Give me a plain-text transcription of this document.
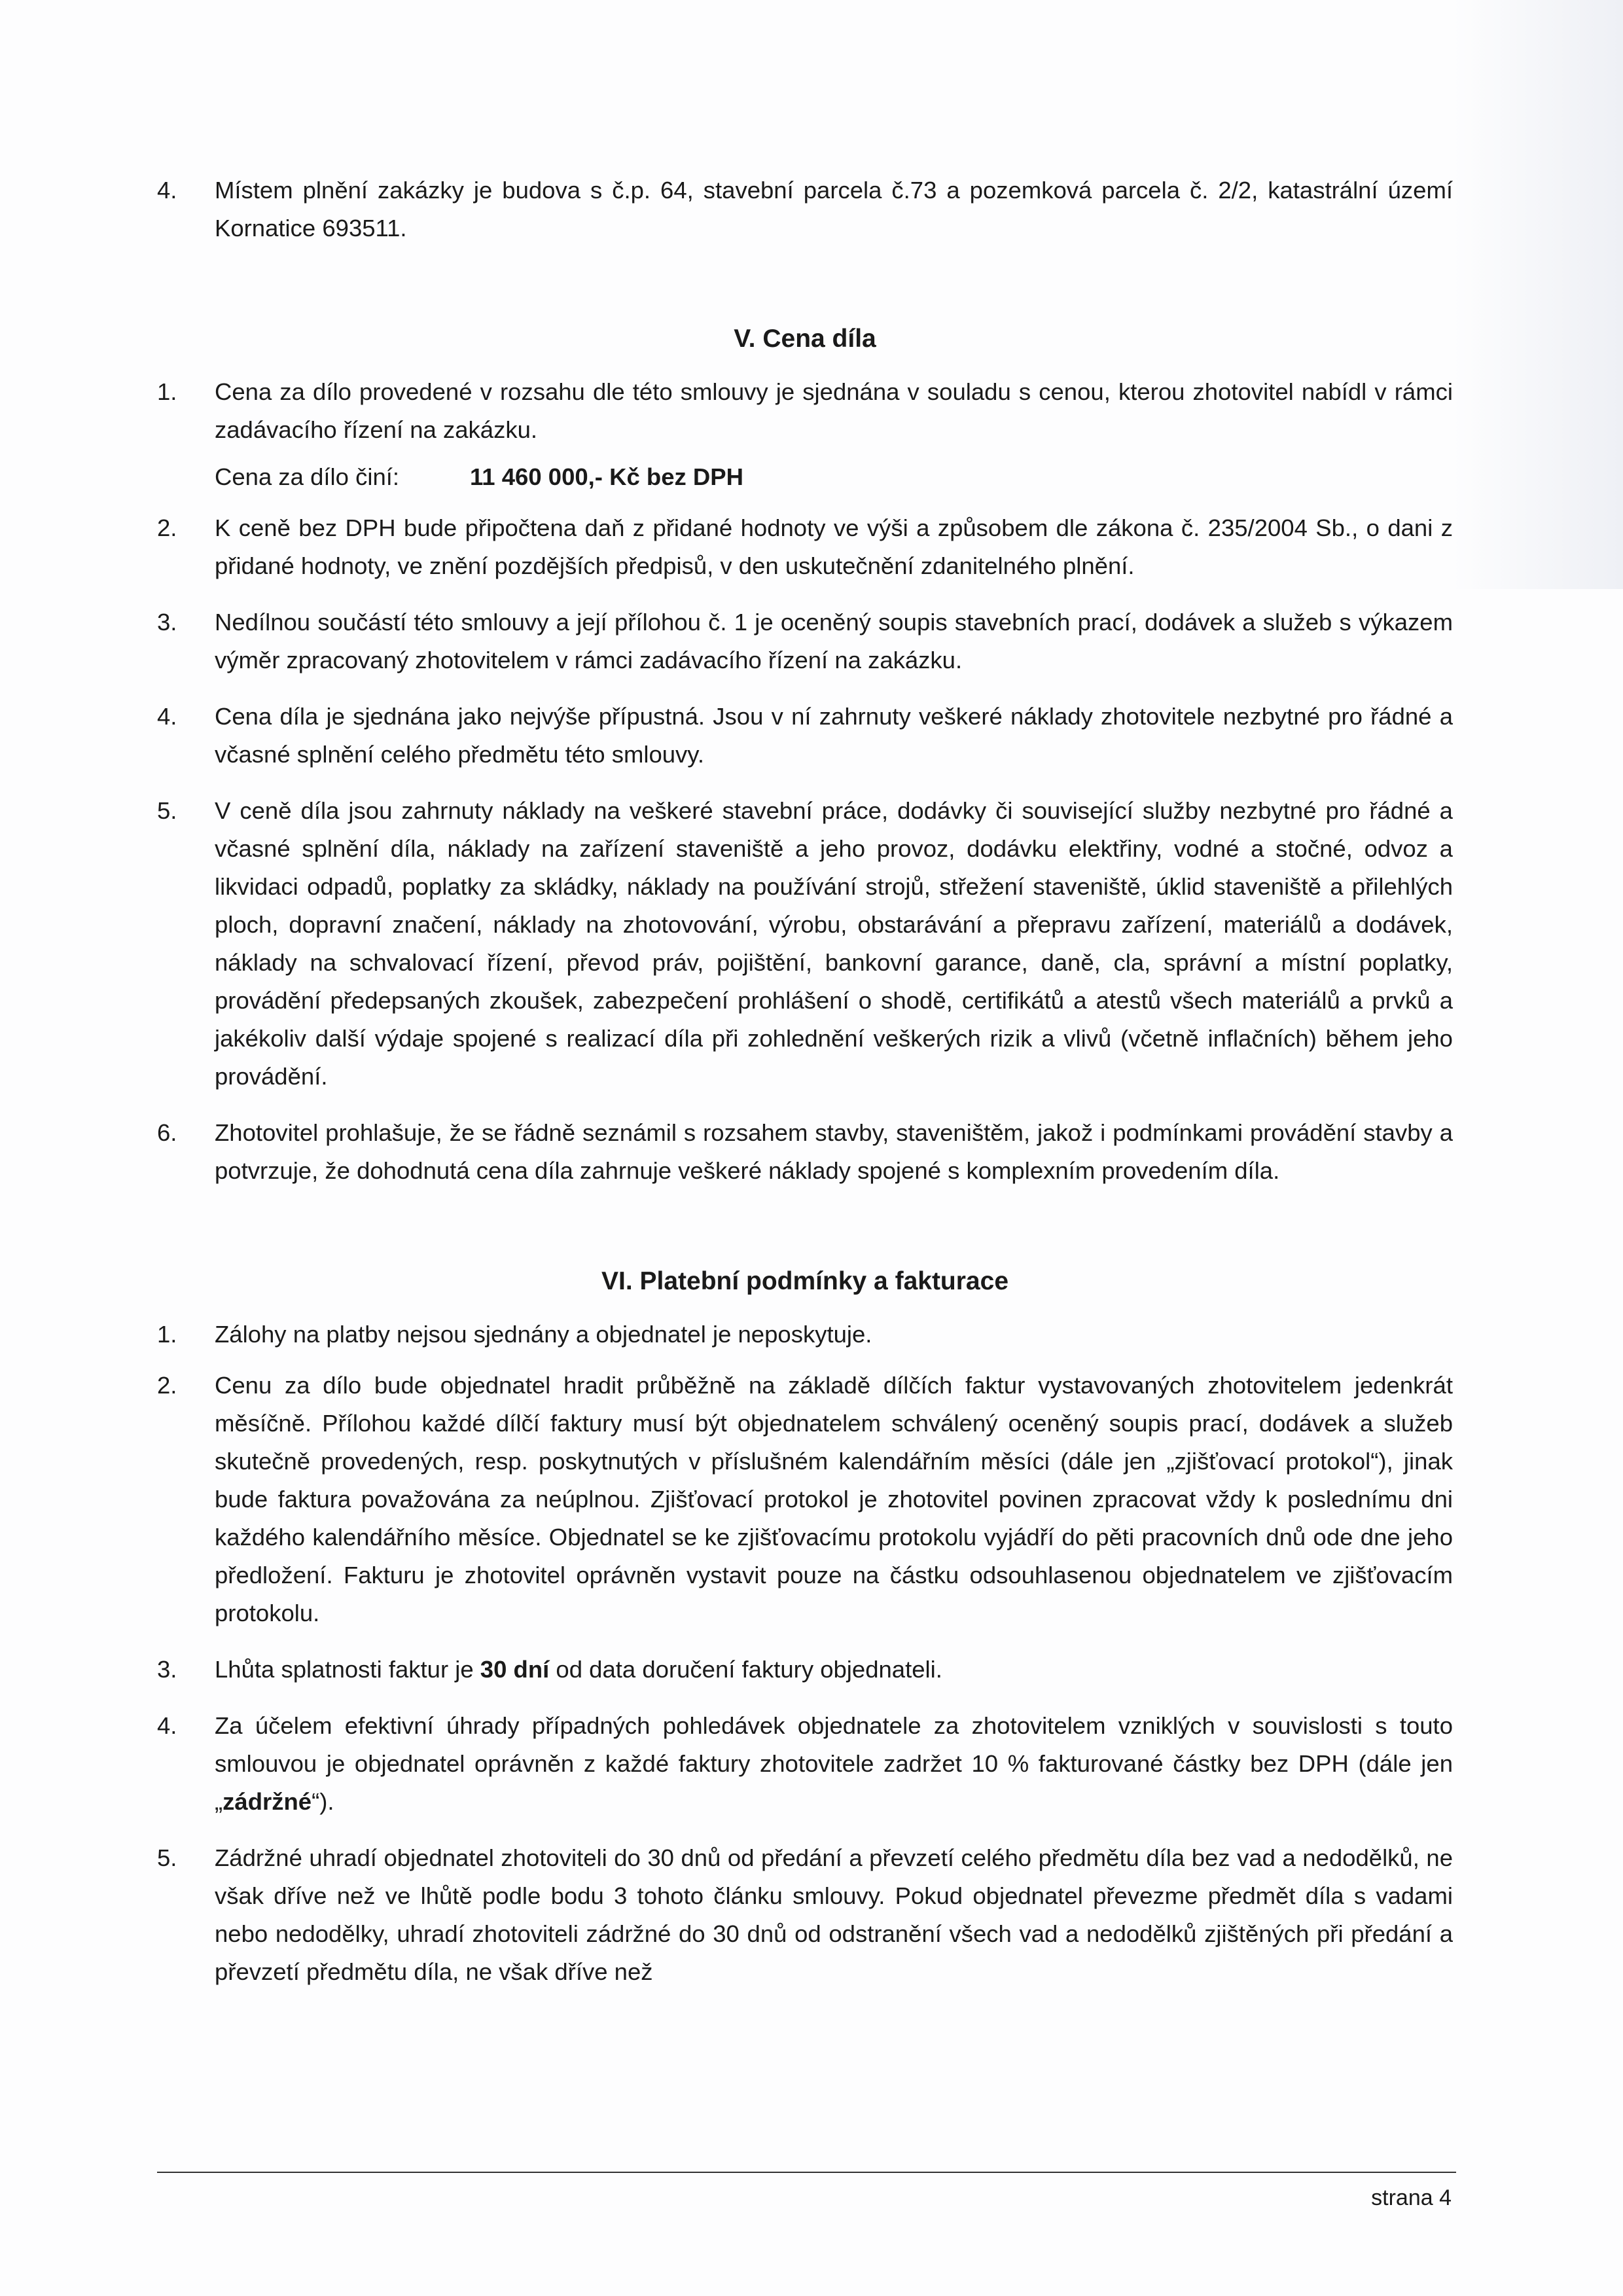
4.	Místem plnění zakázky je budova s č.p. 64, stavební parcela č.73 a pozemková parcela č. 2/2, katastrální území Kornatice 693511.
V. Cena díla
1.	Cena za dílo provedené v rozsahu dle této smlouvy je sjednána v souladu s cenou, kterou zhotovitel nabídl v rámci zadávacího řízení na zakázku.
Cena za dílo činí:	11 460 000,- Kč bez DPH
2.	K ceně bez DPH bude připočtena daň z přidané hodnoty ve výši a způsobem dle zákona č. 235/2004 Sb., o dani z přidané hodnoty, ve znění pozdějších předpisů, v den uskutečnění zdanitelného plnění.
3.	Nedílnou součástí této smlouvy a její přílohou č. 1 je oceněný soupis stavebních prací, dodávek a služeb s výkazem výměr zpracovaný zhotovitelem v rámci zadávacího řízení na zakázku.
4.	Cena díla je sjednána jako nejvýše přípustná. Jsou v ní zahrnuty veškeré náklady zhotovitele nezbytné pro řádné a včasné splnění celého předmětu této smlouvy.
5.	V ceně díla jsou zahrnuty náklady na veškeré stavební práce, dodávky či související služby nezbytné pro řádné a včasné splnění díla, náklady na zařízení staveniště a jeho provoz, dodávku elektřiny, vodné a stočné, odvoz a likvidaci odpadů, poplatky za skládky, náklady na používání strojů, střežení staveniště, úklid staveniště a přilehlých ploch, dopravní značení, náklady na zhotovování, výrobu, obstarávání a přepravu zařízení, materiálů a dodávek, náklady na schvalovací řízení, převod práv, pojištění, bankovní garance, daně, cla, správní a místní poplatky, provádění předepsaných zkoušek, zabezpečení prohlášení o shodě, certifikátů a atestů všech materiálů a prvků a jakékoliv další výdaje spojené s realizací díla při zohlednění veškerých rizik a vlivů (včetně inflačních) během jeho provádění.
6.	Zhotovitel prohlašuje, že se řádně seznámil s rozsahem stavby, staveništěm, jakož i podmínkami provádění stavby a potvrzuje, že dohodnutá cena díla zahrnuje veškeré náklady spojené s komplexním provedením díla.
VI. Platební podmínky a fakturace
1.	Zálohy na platby nejsou sjednány a objednatel je neposkytuje.
2.	Cenu za dílo bude objednatel hradit průběžně na základě dílčích faktur vystavovaných zhotovitelem jedenkrát měsíčně. Přílohou každé dílčí faktury musí být objednatelem schválený oceněný soupis prací, dodávek a služeb skutečně provedených, resp. poskytnutých v příslušném kalendářním měsíci (dále jen „zjišťovací protokol“), jinak bude faktura považována za neúplnou. Zjišťovací protokol je zhotovitel povinen zpracovat vždy k poslednímu dni každého kalendářního měsíce. Objednatel se ke zjišťovacímu protokolu vyjádří do pěti pracovních dnů ode dne jeho předložení. Fakturu je zhotovitel oprávněn vystavit pouze na částku odsouhlasenou objednatelem ve zjišťovacím protokolu.
3.	Lhůta splatnosti faktur je 30 dní od data doručení faktury objednateli.
4.	Za účelem efektivní úhrady případných pohledávek objednatele za zhotovitelem vzniklých v souvislosti s touto smlouvou je objednatel oprávněn z každé faktury zhotovitele zadržet 10 % fakturované částky bez DPH (dále jen „zádržné“).
5.	Zádržné uhradí objednatel zhotoviteli do 30 dnů od předání a převzetí celého předmětu díla bez vad a nedodělků, ne však dříve než ve lhůtě podle bodu 3 tohoto článku smlouvy. Pokud objednatel převezme předmět díla s vadami nebo nedodělky, uhradí zhotoviteli zádržné do 30 dnů od odstranění všech vad a nedodělků zjištěných při předání a převzetí předmětu díla, ne však dříve než
strana 4
